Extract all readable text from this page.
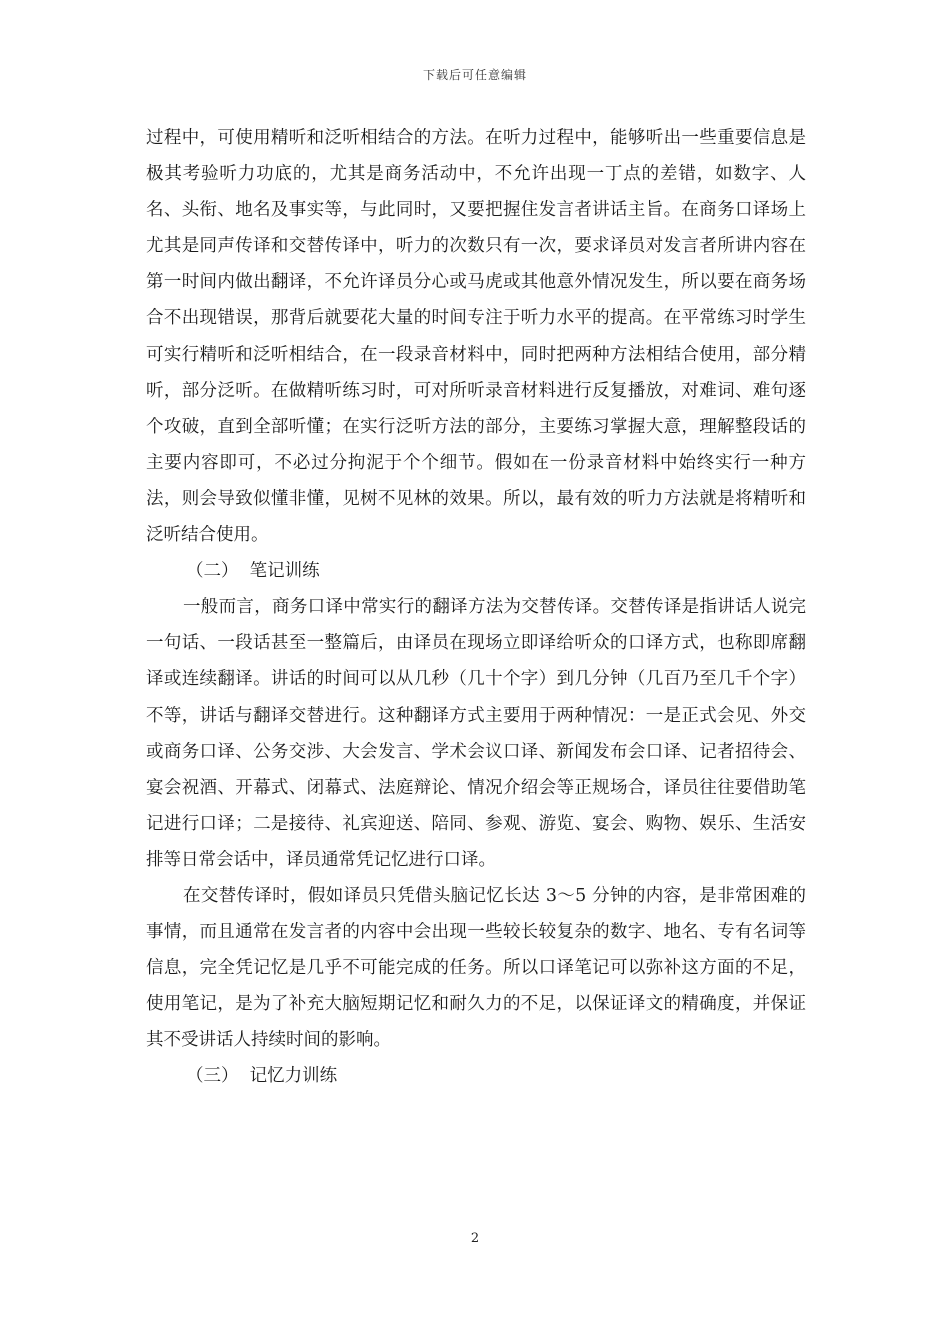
下载后可任意编辑

过程中，可使用精听和泛听相结合的方法。在听力过程中，能够听出一些重要信息是极其考验听力功底的，尤其是商务活动中，不允许出现一丁点的差错，如数字、人名、头衔、地名及事实等，与此同时，又要把握住发言者讲话主旨。在商务口译场上尤其是同声传译和交替传译中，听力的次数只有一次，要求译员对发言者所讲内容在第一时间内做出翻译，不允许译员分心或马虎或其他意外情况发生，所以要在商务场合不出现错误，那背后就要花大量的时间专注于听力水平的提高。在平常练习时学生可实行精听和泛听相结合，在一段录音材料中，同时把两种方法相结合使用，部分精听，部分泛听。在做精听练习时，可对所听录音材料进行反复播放，对难词、难句逐个攻破，直到全部听懂；在实行泛听方法的部分，主要练习掌握大意，理解整段话的主要内容即可，不必过分拘泥于个个细节。假如在一份录音材料中始终实行一种方法，则会导致似懂非懂，见树不见林的效果。所以，最有效的听力方法就是将精听和泛听结合使用。

（二）  笔记训练

一般而言，商务口译中常实行的翻译方法为交替传译。交替传译是指讲话人说完一句话、一段话甚至一整篇后，由译员在现场立即译给听众的口译方式，也称即席翻译或连续翻译。讲话的时间可以从几秒（几十个字）到几分钟（几百乃至几千个字）不等，讲话与翻译交替进行。这种翻译方式主要用于两种情况：一是正式会见、外交或商务口译、公务交涉、大会发言、学术会议口译、新闻发布会口译、记者招待会、宴会祝酒、开幕式、闭幕式、法庭辩论、情况介绍会等正规场合，译员往往要借助笔记进行口译；二是接待、礼宾迎送、陪同、参观、游览、宴会、购物、娱乐、生活安排等日常会话中，译员通常凭记忆进行口译。

在交替传译时，假如译员只凭借头脑记忆长达 3～5 分钟的内容，是非常困难的事情，而且通常在发言者的内容中会出现一些较长较复杂的数字、地名、专有名词等信息，完全凭记忆是几乎不可能完成的任务。所以口译笔记可以弥补这方面的不足，使用笔记，是为了补充大脑短期记忆和耐久力的不足，以保证译文的精确度，并保证其不受讲话人持续时间的影响。

（三）  记忆力训练

2
